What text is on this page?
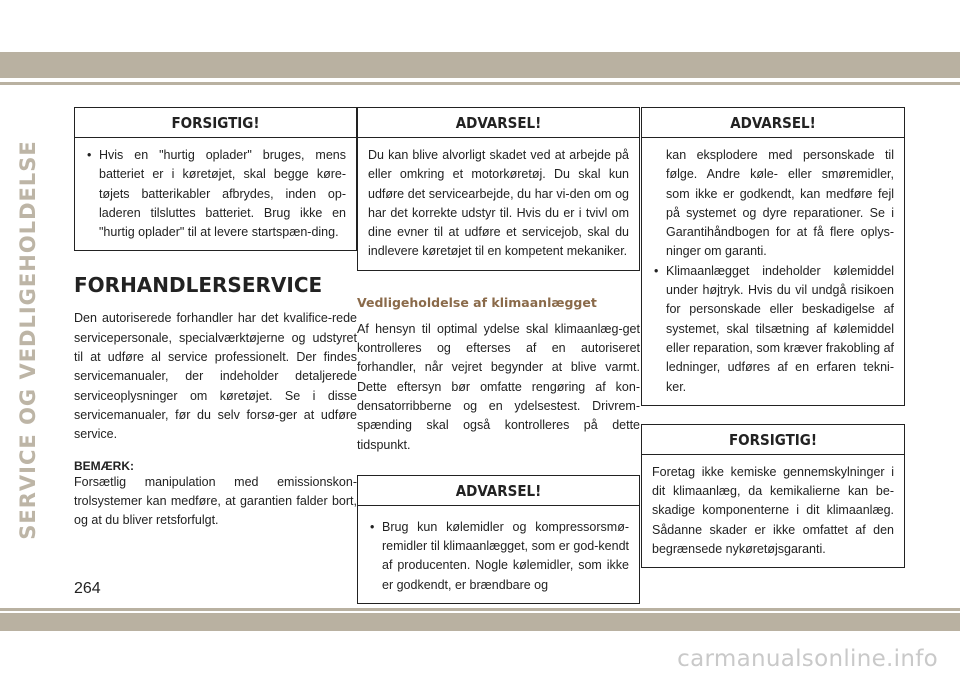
SERVICE OG VEDLIGEHOLDELSE
FORSIGTIG!
• Hvis en "hurtig oplader" bruges, mens batteriet er i køretøjet, skal begge køre-tøjets batterikabler afbrydes, inden op-laderen tilsluttes batteriet. Brug ikke en "hurtig oplader" til at levere startspæn-ding.
FORHANDLERSERVICE
Den autoriserede forhandler har det kvalifice-rede servicepersonale, specialværktøjerne og udstyret til at udføre al service professionelt. Der findes servicemanualer, der indeholder detaljerede serviceoplysninger om køretøjet. Se i disse servicemanualer, før du selv forsø-ger at udføre service.
BEMÆRK:
Forsætlig manipulation med emissionskon-trolsystemer kan medføre, at garantien falder bort, og at du bliver retsforfulgt.
ADVARSEL!
Du kan blive alvorligt skadet ved at arbejde på eller omkring et motorkøretøj. Du skal kun udføre det servicearbejde, du har vi-den om og har det korrekte udstyr til. Hvis du er i tvivl om dine evner til at udføre et servicejob, skal du indlevere køretøjet til en kompetent mekaniker.
Vedligeholdelse af klimaanlægget
Af hensyn til optimal ydelse skal klimaanlæg-get kontrolleres og efterses af en autoriseret forhandler, når vejret begynder at blive varmt. Dette eftersyn bør omfatte rengøring af kon-densatorribberne og en ydelsestest. Drivrem-spænding skal også kontrolleres på dette tidspunkt.
ADVARSEL!
• Brug kun kølemidler og kompressorsmø-remidler til klimaanlægget, som er god-kendt af producenten. Nogle kølemidler, som ikke er godkendt, er brændbare og
ADVARSEL!
kan eksplodere med personskade til følge. Andre køle- eller smøremidler, som ikke er godkendt, kan medføre fejl på systemet og dyre reparationer. Se i Garantihåndbogen for at få flere oplys-ninger om garanti.
• Klimaanlægget indeholder kølemiddel under højtryk. Hvis du vil undgå risikoen for personskade eller beskadigelse af systemet, skal tilsætning af kølemiddel eller reparation, som kræver frakobling af ledninger, udføres af en erfaren tekni-ker.
FORSIGTIG!
Foretag ikke kemiske gennemskylninger i dit klimaanlæg, da kemikalierne kan be-skadige komponenterne i dit klimaanlæg. Sådanne skader er ikke omfattet af den begrænsede nykøretøjsgaranti.
264
carmanualsonline.info
